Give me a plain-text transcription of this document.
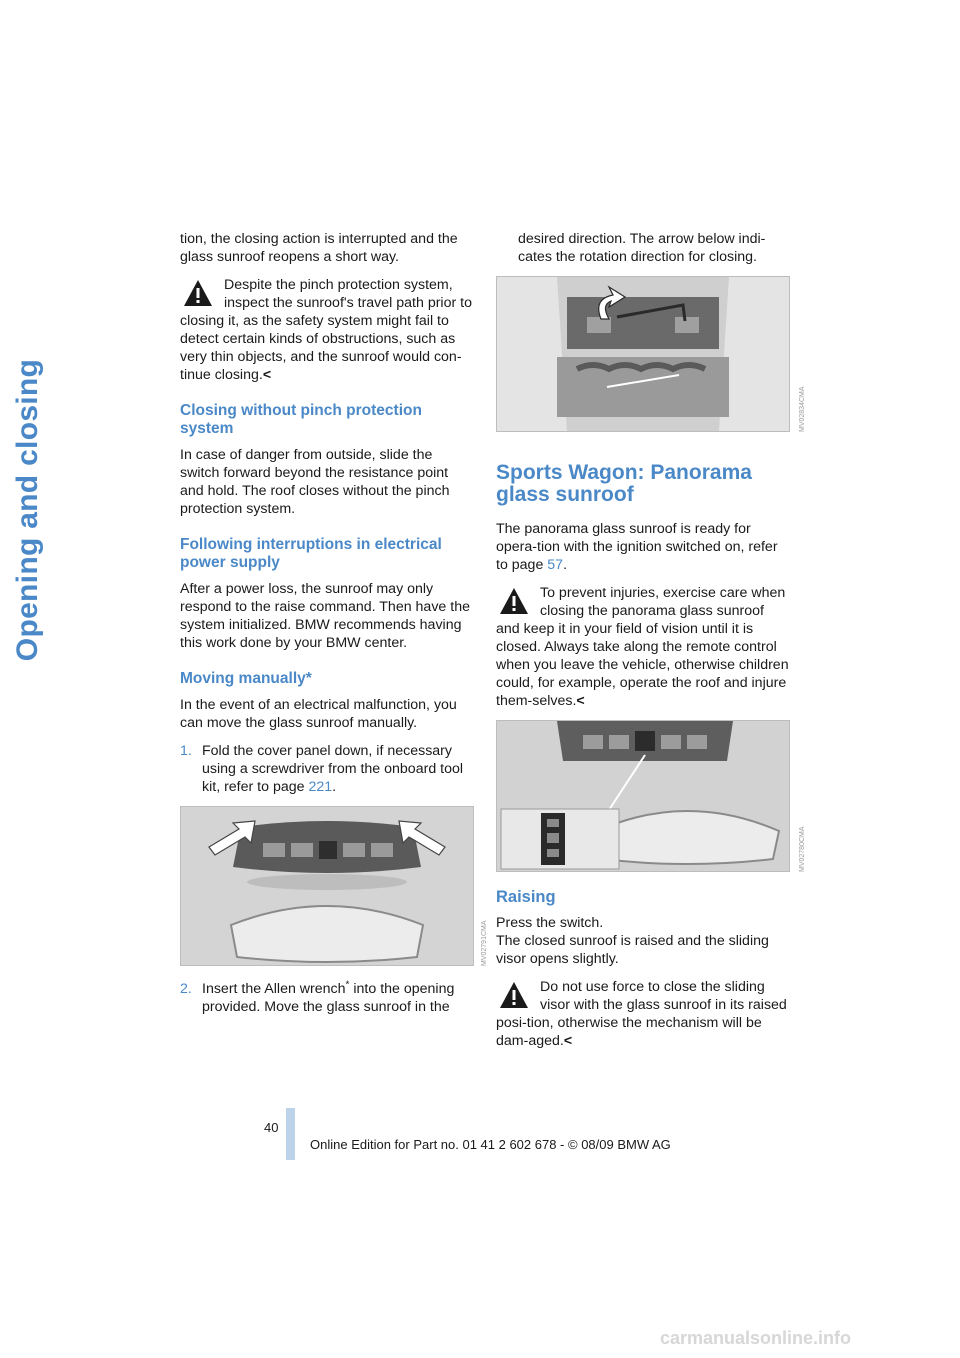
Opening and closing

tion, the closing action is interrupted and the glass sunroof reopens a short way.

Despite the pinch protection system, inspect the sunroof's travel path prior to closing it, as the safety system might fail to detect certain kinds of obstructions, such as very thin objects, and the sunroof would con-tinue closing.<
Closing without pinch protection system

In case of danger from outside, slide the switch forward beyond the resistance point and hold. The roof closes without the pinch protection system.

Following interruptions in electrical power supply

After a power loss, the sunroof may only respond to the raise command. Then have the system initialized. BMW recommends having this work done by your BMW center.

Moving manually*

In the event of an electrical malfunction, you can move the glass sunroof manually.

1. Fold the cover panel down, if necessary using a screwdriver from the onboard tool kit, refer to page 221.
MV02791CMA
2. Insert the Allen wrench* into the opening provided. Move the glass sunroof in the

desired direction. The arrow below indi-cates the rotation direction for closing.

MV02834CMA
Sports Wagon: Panorama glass sunroof

The panorama glass sunroof is ready for opera-tion with the ignition switched on, refer to page 57.

To prevent injuries, exercise care when closing the panorama glass sunroof and keep it in your field of vision until it is closed. Always take along the remote control when you leave the vehicle, otherwise children could, for example, operate the roof and injure them-selves.<
MV02780CMA
Raising

Press the switch.

The closed sunroof is raised and the sliding visor opens slightly.

Do not use force to close the sliding visor with the glass sunroof in its raised posi-tion, otherwise the mechanism will be dam-aged.<
40
Online Edition for Part no. 01 41 2 602 678 - © 08/09 BMW AG
carmanualsonline.info
